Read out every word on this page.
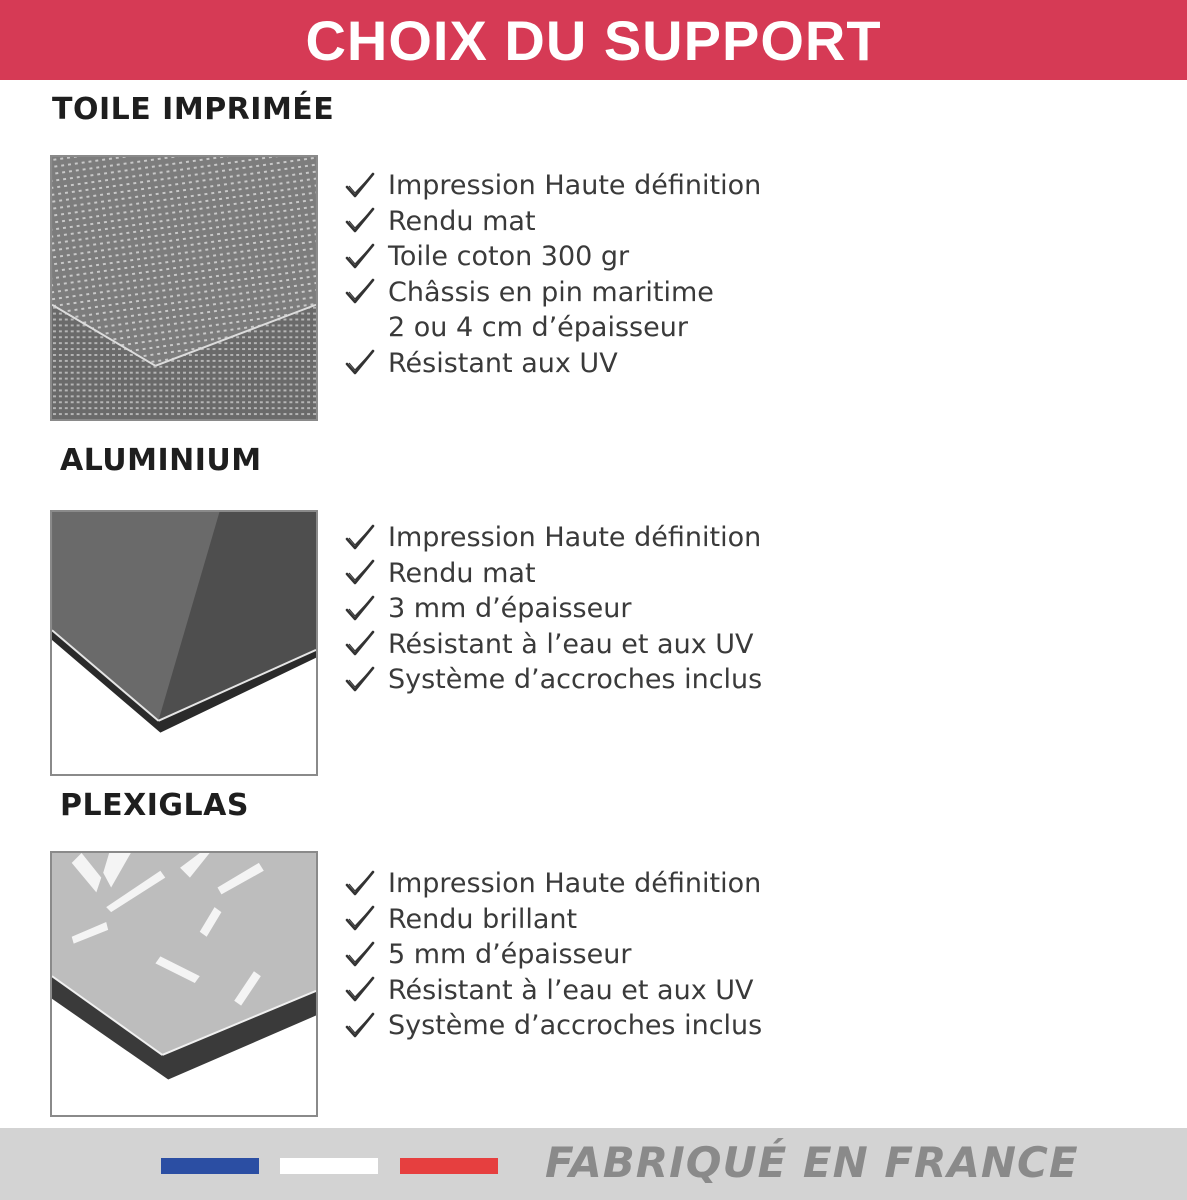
CHOIX DU SUPPORT
TOILE IMPRIMÉE
Impression Haute définition
Rendu mat
Toile coton 300 gr
Châssis en pin maritime
2 ou 4 cm d’épaisseur
Résistant aux UV
ALUMINIUM
Impression Haute définition
Rendu mat
3 mm d’épaisseur
Résistant à l’eau et aux UV
Système d’accroches inclus
PLEXIGLAS
Impression Haute définition
Rendu brillant
5 mm d’épaisseur
Résistant à l’eau et aux UV
Système d’accroches inclus
FABRIQUÉ EN FRANCE
